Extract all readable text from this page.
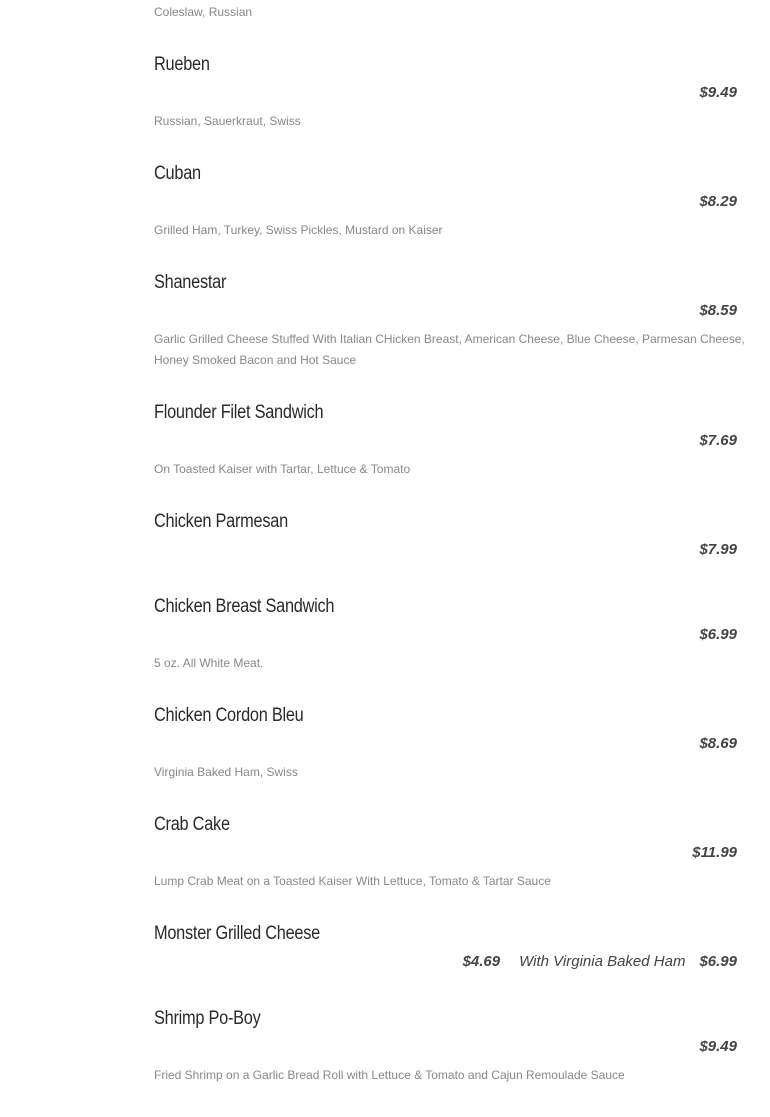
Coleslaw, Russian
Rueben
$9.49
Russian, Sauerkraut, Swiss
Cuban
$8.29
Grilled Ham, Turkey, Swiss Pickles, Mustard on Kaiser
Shanestar
$8.59
Garlic Grilled Cheese Stuffed With Italian CHicken Breast, American Cheese, Blue Cheese, Parmesan Cheese, Honey Smoked Bacon and Hot Sauce
Flounder Filet Sandwich
$7.69
On Toasted Kaiser with Tartar, Lettuce & Tomato
Chicken Parmesan
$7.99
Chicken Breast Sandwich
$6.99
5 oz. All White Meat.
Chicken Cordon Bleu
$8.69
Virginia Baked Ham, Swiss
Crab Cake
$11.99
Lump Crab Meat on a Toasted Kaiser With Lettuce, Tomato & Tartar Sauce
Monster Grilled Cheese
$4.69 With Virginia Baked Ham $6.99
Shrimp Po-Boy
$9.49
Fried Shrimp on a Garlic Bread Roll with Lettuce & Tomato and Cajun Remoulade Sauce
